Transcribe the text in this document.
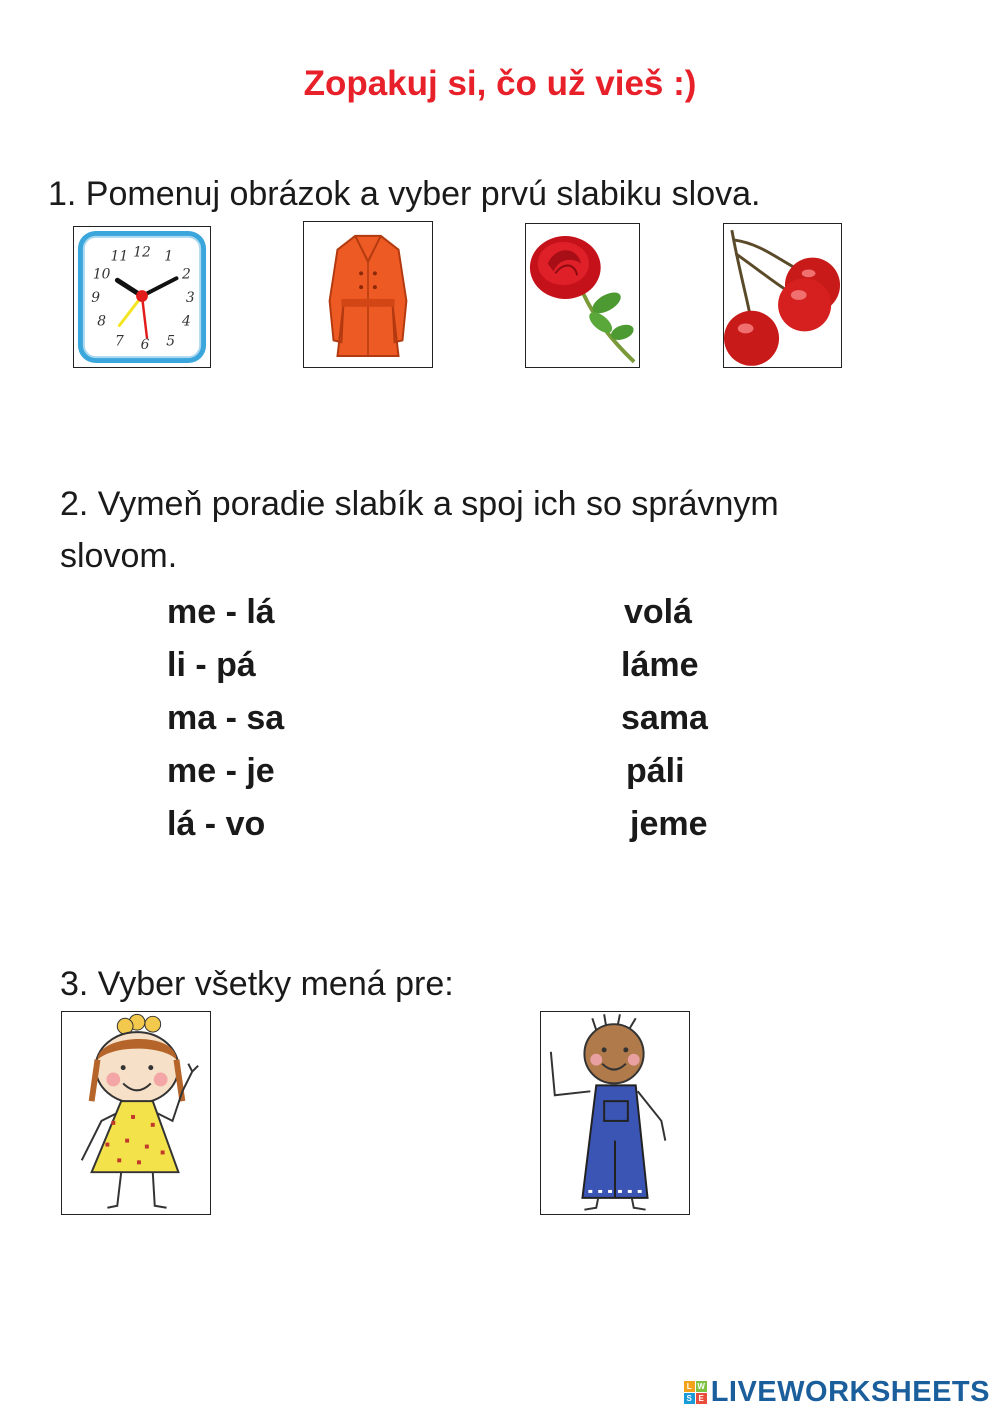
Zopakuj si, čo už vieš :)
1. Pomenuj obrázok a vyber prvú slabiku slova.
12 1
2
3
4
5
6
7
8
9
10
11
2. Vymeň poradie slabík a spoj ich so správnym
slovom.
me - lá
li - pá
ma - sa
me - je
lá - vo
volá
láme
sama
páli
jeme
3. Vyber všetky mená pre:
L W
S E LIVEWORKSHEETS
